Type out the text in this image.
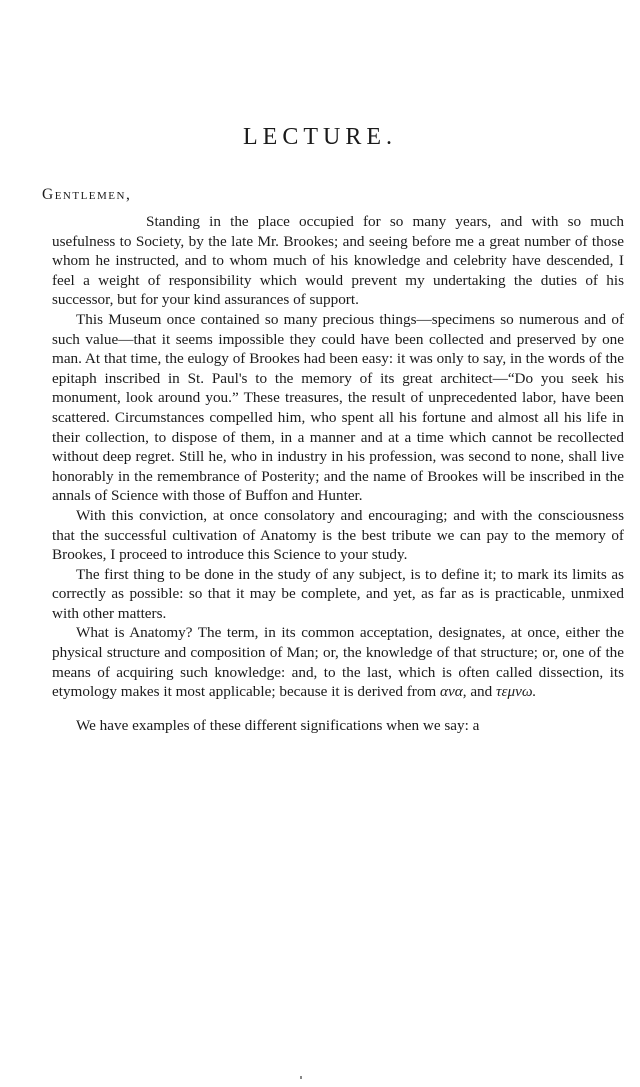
LECTURE.
Gentlemen,

Standing in the place occupied for so many years, and with so much usefulness to Society, by the late Mr. Brookes; and seeing before me a great number of those whom he instructed, and to whom much of his knowledge and celebrity have descended, I feel a weight of responsibility which would prevent my undertaking the duties of his successor, but for your kind assurances of support.

This Museum once contained so many precious things—specimens so numerous and of such value—that it seems impossible they could have been collected and preserved by one man. At that time, the eulogy of Brookes had been easy: it was only to say, in the words of the epitaph inscribed in St. Paul's to the memory of its great architect—“Do you seek his monument, look around you.” These treasures, the result of unprecedented labor, have been scattered. Circumstances compelled him, who spent all his fortune and almost all his life in their collection, to dispose of them, in a manner and at a time which cannot be recollected without deep regret. Still he, who in industry in his profession, was second to none, shall live honorably in the remembrance of Posterity; and the name of Brookes will be inscribed in the annals of Science with those of Buffon and Hunter.

With this conviction, at once consolatory and encouraging; and with the consciousness that the successful cultivation of Anatomy is the best tribute we can pay to the memory of Brookes, I proceed to introduce this Science to your study.

The first thing to be done in the study of any subject, is to define it; to mark its limits as correctly as possible: so that it may be complete, and yet, as far as is practicable, unmixed with other matters.

What is Anatomy? The term, in its common acceptation, designates, at once, either the physical structure and composition of Man; or, the knowledge of that structure; or, one of the means of acquiring such knowledge: and, to the last, which is often called dissection, its etymology makes it most applicable; because it is derived from ανα, and τεμνω.

We have examples of these different significations when we say: a
